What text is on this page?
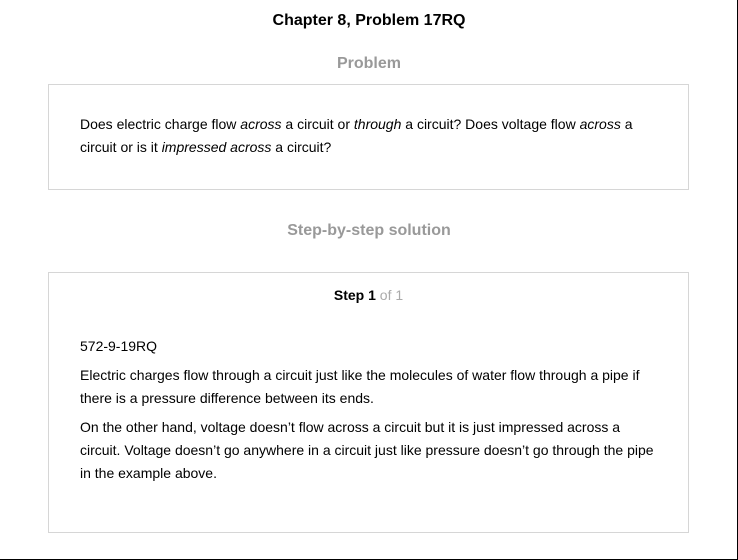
Chapter 8, Problem 17RQ
Problem
Does electric charge flow across a circuit or through a circuit? Does voltage flow across a circuit or is it impressed across a circuit?
Step-by-step solution
Step 1 of 1

572-9-19RQ

Electric charges flow through a circuit just like the molecules of water flow through a pipe if there is a pressure difference between its ends.

On the other hand, voltage doesn’t flow across a circuit but it is just impressed across a circuit. Voltage doesn’t go anywhere in a circuit just like pressure doesn’t go through the pipe in the example above.
